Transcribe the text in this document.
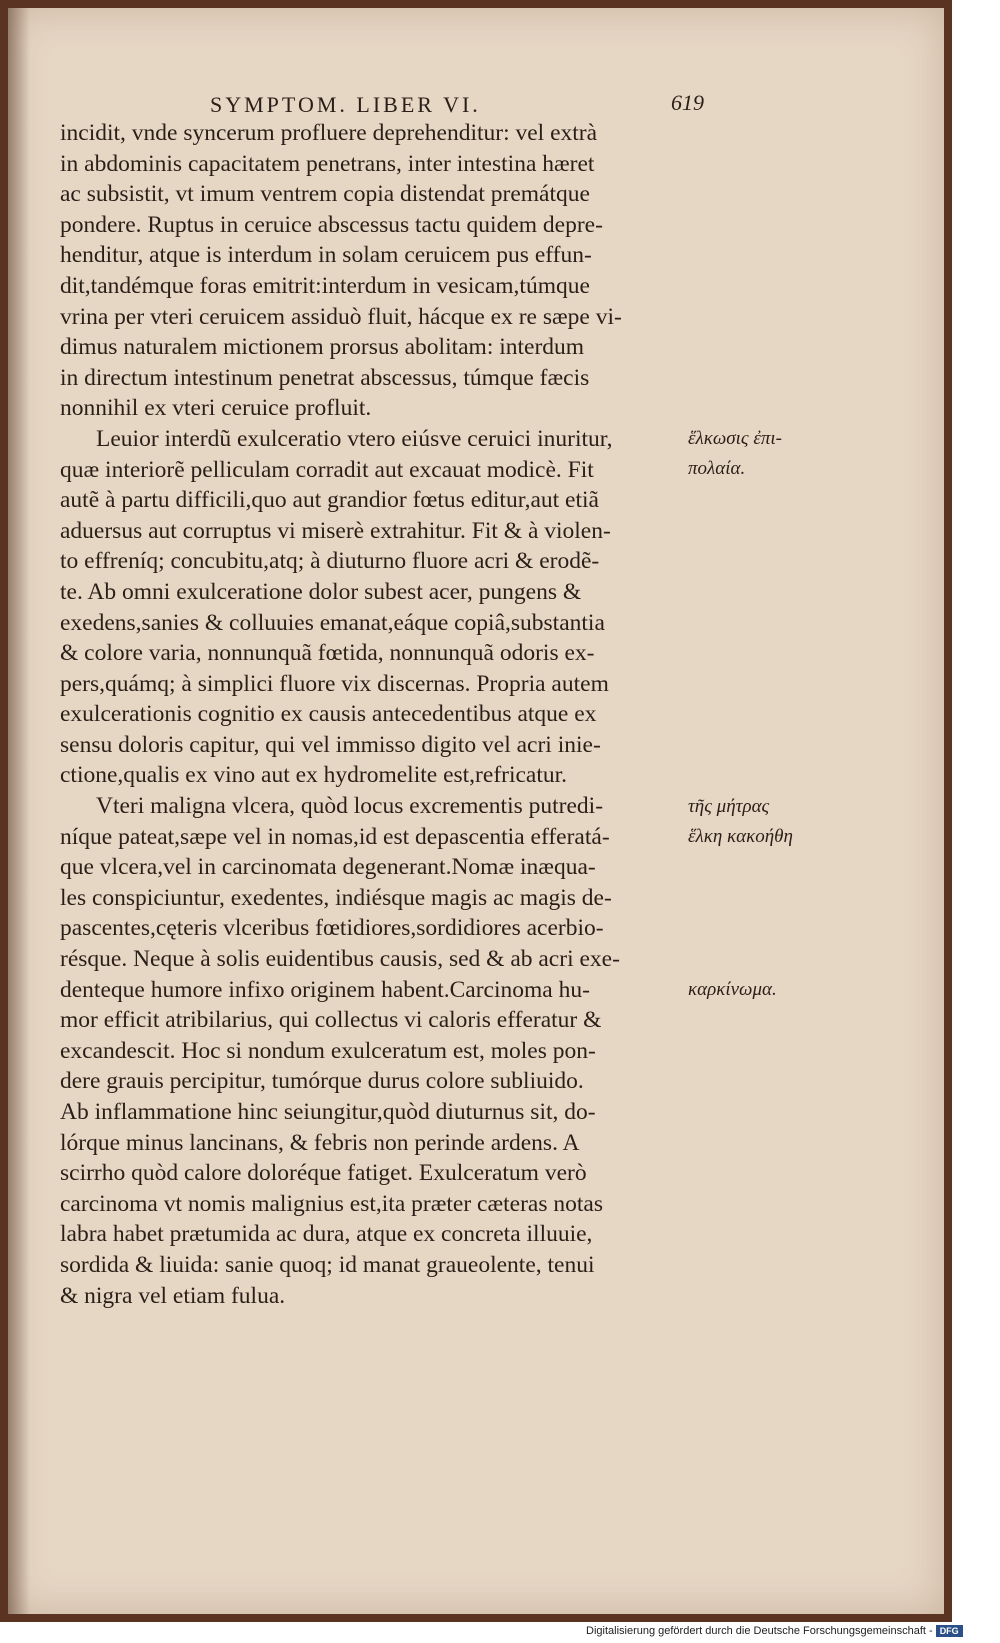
SYMPTOM. LIBER VI.	619
incidit, vnde syncerum profluere deprehenditur: vel extrà
in abdominis capacitatem penetrans, inter intestina hæret
ac subsistit, vt imum ventrem copia distendat premátque
pondere. Ruptus in ceruice abscessus tactu quidem depre-
henditur, atque is interdum in solam ceruicem pus effun-
dit,tandémque foras emitrit:interdum in vesicam,túmque
vrina per vteri ceruicem assiduò fluit, hácque ex re sæpe vi-
dimus naturalem mictionem prorsus abolitam: interdum
in directum intestinum penetrat abscessus, túmque fæcis
nonnihil ex vteri ceruice profluit.
Leuior interdũ exulceratio vtero eiúsve ceruici inuritur,
quæ interiorẽ pelliculam corradit aut excauat modicè. Fit
autẽ à partu difficili,quo aut grandior fœtus editur,aut etiã
aduersus aut corruptus vi miserè extrahitur. Fit & à violen-
to effreníq; concubitu,atq; à diuturno fluore acri & erodẽ-
te. Ab omni exulceratione dolor subest acer, pungens &
exedens,sanies & colluuies emanat,eáque copiâ,substantia
& colore varia, nonnunquã fœtida, nonnunquã odoris ex-
pers,quámq; à simplici fluore vix discernas. Propria autem
exulcerationis cognitio ex causis antecedentibus atque ex
sensu doloris capitur, qui vel immisso digito vel acri inie-
ctione,qualis ex vino aut ex hydromelite est,refricatur.
Vteri maligna vlcera, quòd locus excrementis putredi-
níque pateat,sæpe vel in nomas,id est depascentia efferatá-
que vlcera,vel in carcinomata degenerant.Nomæ inæqua-
les conspiciuntur, exedentes, indiésque magis ac magis de-
pascentes,cęteris vlceribus fœtidiores,sordidiores acerbio-
résque. Neque à solis euidentibus causis, sed & ab acri exe-
denteque humore infixo originem habent.Carcinoma hu-
mor efficit atribilarius, qui collectus vi caloris efferatur &
excandescit. Hoc si nondum exulceratum est, moles pon-
dere grauis percipitur, tumórque durus colore subliuido.
Ab inflammatione hinc seiungitur,quòd diuturnus sit, do-
lórque minus lancinans, & febris non perinde ardens. A
scirrho quòd calore doloréque fatiget. Exulceratum verò
carcinoma vt nomis malignius est,ita præter cæteras notas
labra habet prætumida ac dura, atque ex concreta illuuie,
sordida & liuida: sanie quoq; id manat graueolente, tenui
& nigra vel etiam fulua.
ἕλκωσις ἐπι-
πολαία.
τῆς μήτρας
ἕλκη κακοήθη
καρκίνωμα.
Digitalisierung gefördert durch die Deutsche Forschungsgemeinschaft - DFG
